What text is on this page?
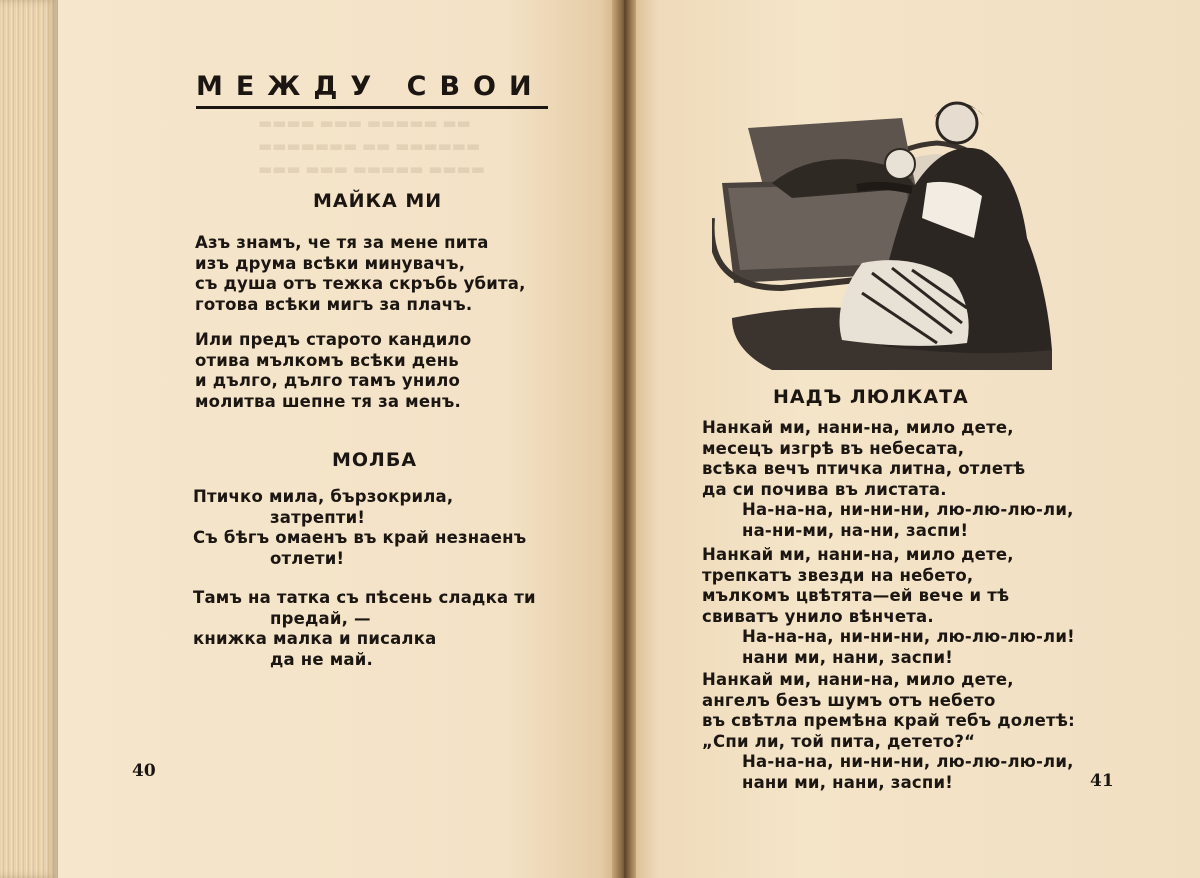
▬▬▬▬ ▬▬▬ ▬▬▬▬▬ ▬▬
▬▬▬▬▬▬▬ ▬▬ ▬▬▬▬▬▬
▬▬▬ ▬▬▬ ▬▬▬▬▬ ▬▬▬▬
МЕЖДУ СВОИ
МАЙКА МИ
Азъ знамъ, че тя за мене пита
изъ друма всѣки минувачъ,
съ душа отъ тежка скръбь убита,
готова всѣки мигъ за плачъ.
Или предъ старото кандило
отива мълкомъ всѣки день
и дълго, дълго тамъ унило
молитва шепне тя за менъ.
МОЛБА
Птичко мила, бързокрила,
затрепти!
Съ бѣгъ омаенъ въ край незнаенъ
отлети!
Тамъ на татка съ пѣсень сладка ти
предай, —
книжка малка и писалка
да не май.
40
НАДЪ ЛЮЛКАТА
Нанкай ми, нани-на, мило дете,
месецъ изгрѣ въ небесата,
всѣка вечъ птичка литна, отлетѣ
да си почива въ листата.
На-на-на, ни-ни-ни, лю-лю-лю-ли,
на-ни-ми, на-ни, заспи!
Нанкай ми, нани-на, мило дете,
трепкатъ звезди на небето,
мълкомъ цвѣтята—ей вече и тѣ
свиватъ унило вѣнчета.
На-на-на, ни-ни-ни, лю-лю-лю-ли!
нани ми, нани, заспи!
Нанкай ми, нани-на, мило дете,
ангелъ безъ шумъ отъ небето
въ свѣтла премѣна край тебъ долетѣ:
„Спи ли, той пита, детето?“
На-на-на, ни-ни-ни, лю-лю-лю-ли,
нани ми, нани, заспи!	41
